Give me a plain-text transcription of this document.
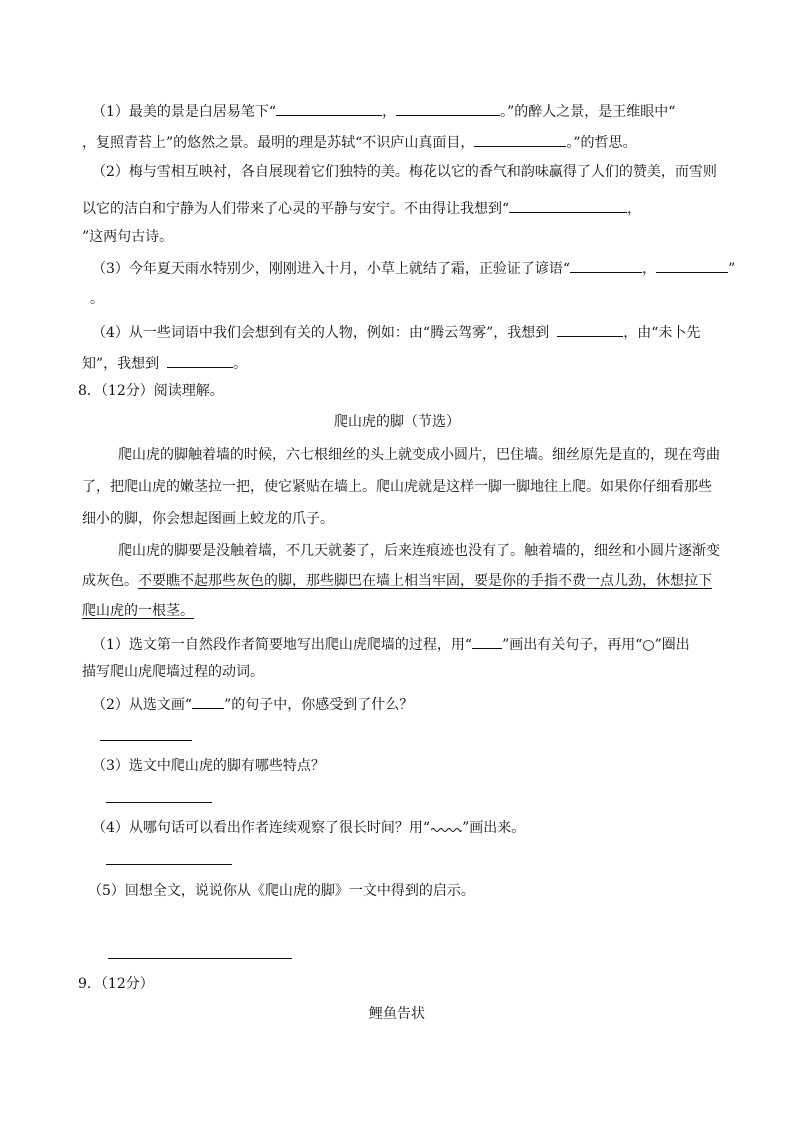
（1）最美的景是白居易笔下“	，	。”的醉人之景，是王维眼中“
，复照青苔上”的悠然之景。最明的理是苏轼“不识庐山真面目，	。”的哲思。
（2）梅与雪相互映衬，各自展现着它们独特的美。梅花以它的香气和韵味赢得了人们的赞美，而雪则
以它的洁白和宁静为人们带来了心灵的平静与安宁。不由得让我想到“	，
”这两句古诗。
（3）今年夏天雨水特别少，刚刚进入十月，小草上就结了霜，正验证了谚语“	，	”
。
（4）从一些词语中我们会想到有关的人物，例如：由“腾云驾雾”，我想到	，由“未卜先
知”，我想到	。
8．（12分）阅读理解。
爬山虎的脚（节选）
爬山虎的脚触着墙的时候，六七根细丝的头上就变成小圆片，巴住墙。细丝原先是直的，现在弯曲
了，把爬山虎的嫩茎拉一把，使它紧贴在墙上。爬山虎就是这样一脚一脚地往上爬。如果你仔细看那些
细小的脚，你会想起图画上蛟龙的爪子。
爬山虎的脚要是没触着墙，不几天就萎了，后来连痕迹也没有了。触着墙的，细丝和小圆片逐渐变
成灰色。不要瞧不起那些灰色的脚，那些脚巴在墙上相当牢固，要是你的手指不费一点儿劲，休想拉下
爬山虎的一根茎。
（1）选文第一自然段作者简要地写出爬山虎爬墙的过程，用“ ”画出有关句子，再用“○”圈出
描写爬山虎爬墙过程的动词。
（2）从选文画“ ”的句子中，你感受到了什么？
（3）选文中爬山虎的脚有哪些特点？
（4）从哪句话可以看出作者连续观察了很长时间？用“ ”画出来。
（5）回想全文，说说你从《爬山虎的脚》一文中得到的启示。
9．（12分）
鲤鱼告状
